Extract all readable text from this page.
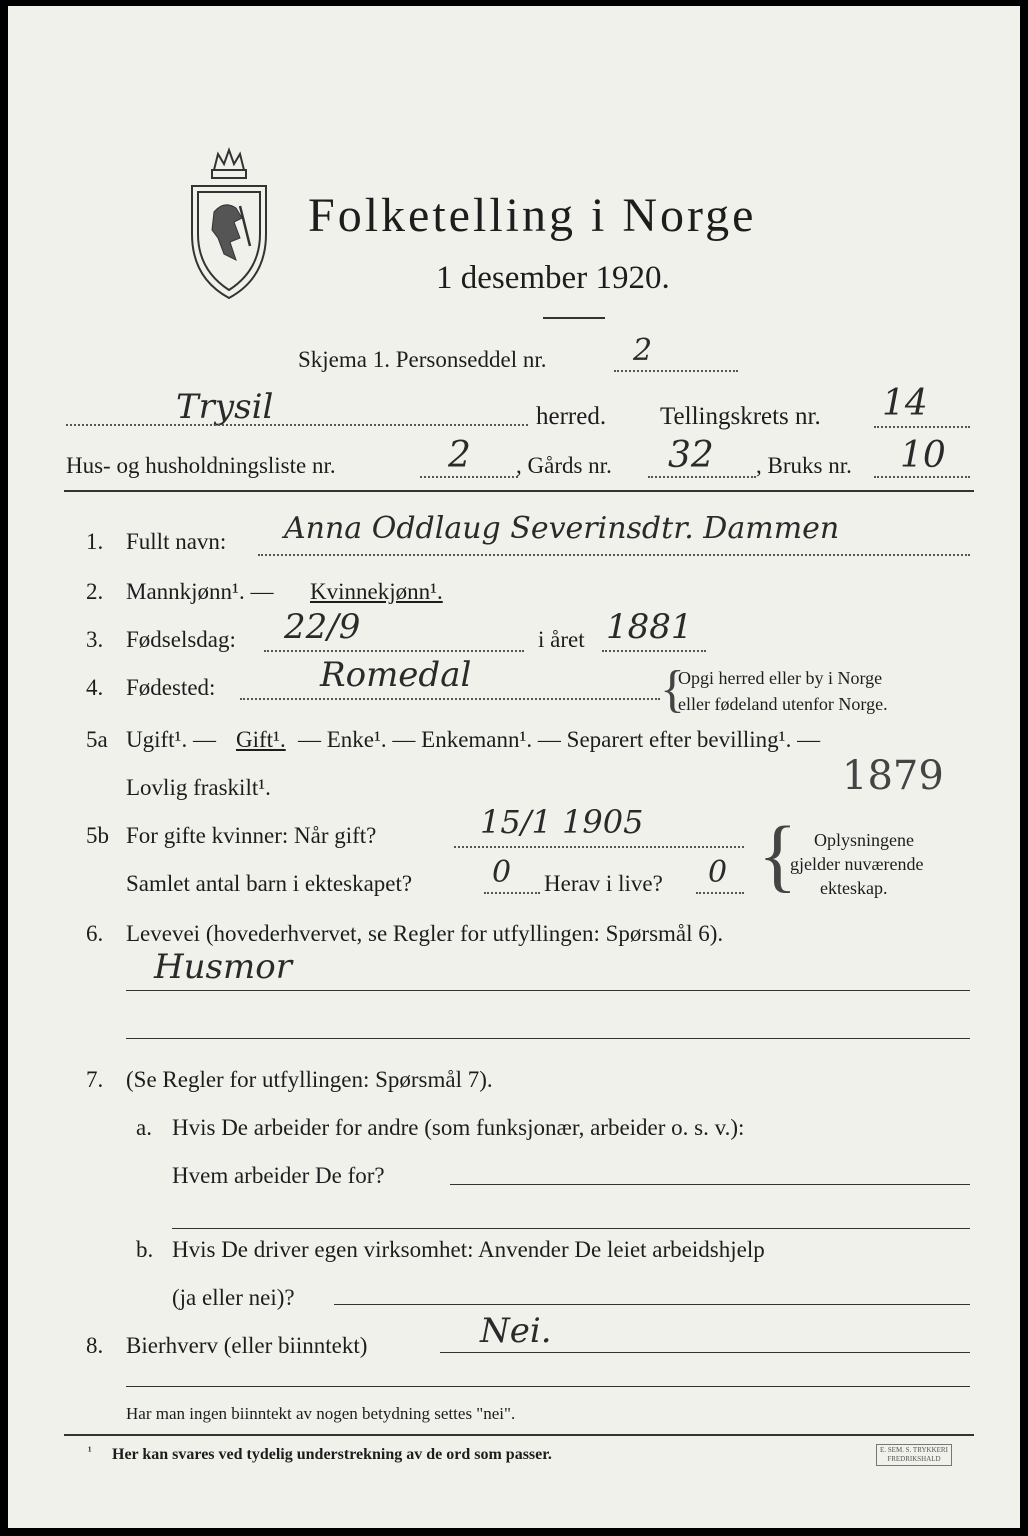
Folketelling i Norge
1 desember 1920.
Skjema 1. Personseddel nr.	2
Trysil	herred. Tellingskrets nr. 14
Hus- og husholdningsliste nr.	2 , Gårds nr. 32 , Bruks nr. 10
1. Fullt navn: Anna Oddlaug Severinsdtr. Dammen
2. Mannkjønn¹. — Kvinnekjønn¹.
3. Fødselsdag: 22/9	i året 1881
4. Fødested:	Romedal	{
Opgi herred eller by i Norge
eller fødeland utenfor Norge.
5a Ugift¹. — Gift¹. — Enke¹. — Enkemann¹. — Separert efter bevilling¹. —
Lovlig fraskilt¹.	1879
5b For gifte kvinner: Når gift?	15/1 1905
Samlet antal barn i ekteskapet?	0 Herav i live? 0 { Oplysningene
gjelder nuværende
ekteskap.
6. Levevei (hovederhvervet, se Regler for utfyllingen: Spørsmål 6).
Husmor
7. (Se Regler for utfyllingen: Spørsmål 7).
a. Hvis De arbeider for andre (som funksjonær, arbeider o. s. v.):
Hvem arbeider De for?
b. Hvis De driver egen virksomhet: Anvender De leiet arbeidshjelp
(ja eller nei)?
8. Bierhverv (eller biinntekt)	Nei.
Har man ingen biinntekt av nogen betydning settes "nei".
¹ Her kan svares ved tydelig understrekning av de ord som passer.	E. SEM. S. TRYKKERI
FREDRIKSHALD
